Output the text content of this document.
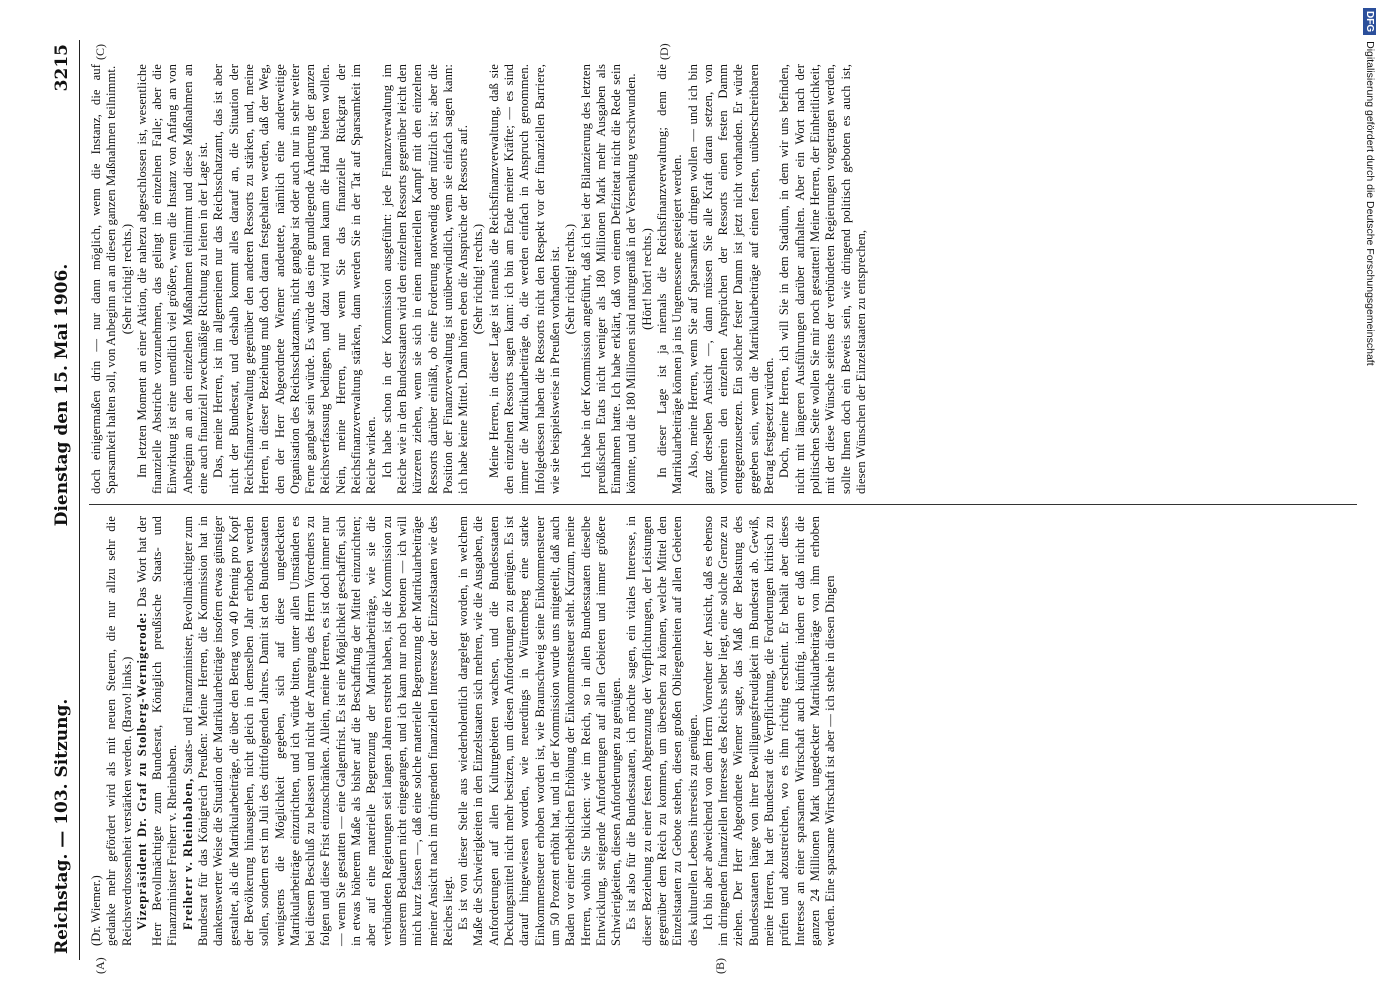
Reichstag. — 103. Sitzung.
Dienstag den 15. Mai 1906.
3215
(A)	(B)
(C)	(D)

(Dr. Wiemer.) gedanke mehr gefördert wird als mit neuen Steuern, die nur allzu sehr die Reichsverdrossenheit verstärken werden. (Bravo! links.) Vizepräsident Dr. Graf zu Stolberg-Wernigerode: Das Wort hat der Herr Bevollmächtigte zum Bundesrat, Königlich preußische Staats- und Finanzminister Freiherr v. Rheinbaben. Freiherr v. Rheinbaben, Staats- und Finanzminister, Bevollmächtigter zum Bundesrat für das Königreich Preußen: Meine Herren, die Kommission hat in dankenswerter Weise die Situation der Matrikularbeiträge insofern etwas günstiger gestaltet, als die Matrikularbeiträge, die über den Betrag von 40 Pfennig pro Kopf der Bevölkerung hinausgehen, nicht gleich in demselben Jahr erhoben werden sollen, sondern erst im Juli des drittfolgenden Jahres. Damit ist den Bundesstaaten wenigstens die Möglichkeit gegeben, sich auf diese ungedeckten Matrikularbeiträge einzurichten, und ich würde bitten, unter allen Umständen es bei diesem Beschluß zu belassen und nicht der Anregung des Herrn Vorredners zu folgen und diese Frist einzuschränken. Allein, meine Herren, es ist doch immer nur — wenn Sie gestatten — eine Galgenfrist. Es ist eine Möglichkeit geschaffen, sich in etwas höherem Maße als bisher auf die Beschaffung der Mittel einzurichten; aber auf eine materielle Begrenzung der Matrikularbeiträge, wie sie die verbündeten Regierungen seit langen Jahren erstrebt haben, ist die Kommission zu unserem Bedauern nicht eingegangen, und ich kann nur noch betonen — ich will mich kurz fassen —, daß eine solche materielle Begrenzung der Matrikularbeiträge meiner Ansicht nach im dringenden finanziellen Interesse der Einzelstaaten wie des Reiches liegt. Es ist von dieser Stelle aus wiederholentlich dargelegt worden, in welchem Maße die Schwierigkeiten in den Einzelstaaten sich mehren, wie die Ausgaben, die Anforderungen auf allen Kulturgebieten wachsen, und die Bundesstaaten Deckungsmittel nicht mehr besitzen, um diesen Anforderungen zu genügen. Es ist darauf hingewiesen worden, wie neuerdings in Württemberg eine starke Einkommensteuer erhoben worden ist, wie Braunschweig seine Einkommensteuer um 50 Prozent erhöht hat, und in der Kommission wurde uns mitgeteilt, daß auch Baden vor einer erheblichen Erhöhung der Einkommensteuer steht. Kurzum, meine Herren, wohin Sie blicken: wie im Reich, so in allen Bundesstaaten dieselbe Entwicklung, steigende Anforderungen auf allen Gebieten und immer größere Schwierigkeiten, diesen Anforderungen zu genügen. Es ist also für die Bundesstaaten, ich möchte sagen, ein vitales Interesse, in dieser Beziehung zu einer festen Abgrenzung der Verpflichtungen, der Leistungen gegenüber dem Reich zu kommen, um übersehen zu können, welche Mittel den Einzelstaaten zu Gebote stehen, diesen großen Obliegenheiten auf allen Gebieten des kulturellen Lebens ihrerseits zu genügen. Ich bin aber abweichend von dem Herrn Vorredner der Ansicht, daß es ebenso im dringenden finanziellen Interesse des Reichs selber liegt, eine solche Grenze zu ziehen. Der Herr Abgeordnete Wiemer sagte, das Maß der Belastung des Bundesstaaten hänge von ihrer Bewilligungsfreudigkeit im Bundesrat ab. Gewiß, meine Herren, hat der Bundesrat die Verpflichtung, die Forderungen kritisch zu prüfen und abzustreichen, wo es ihm richtig erscheint. Er behält aber dieses Interesse an einer sparsamen Wirtschaft auch künftig, indem er daß nicht die ganzen 24 Millionen Mark ungedeckter Matrikularbeiträge von ihm erhoben werden. Eine sparsame Wirtschaft ist aber — ich stehe in diesen Dingen

doch einigermaßen drin — nur dann möglich, wenn die Instanz, die auf Sparsamkeit halten soll, von Anbeginn an an diesen ganzen Maßnahmen teilnimmt. (Sehr richtig! rechts.) Im letzten Moment an einer Aktion, die nahezu abgeschlossen ist, wesentliche finanzielle Abstriche vorzunehmen, das gelingt im einzelnen Falle; aber die Einwirkung ist eine unendlich viel größere, wenn die Instanz von Anfang an von Anbeginn an an den einzelnen Maßnahmen teilnimmt und diese Maßnahmen an eine auch finanziell zweckmäßige Richtung zu leiten in der Lage ist. Das, meine Herren, ist im allgemeinen nur das Reichsschatzamt, das ist aber nicht der Bundesrat, und deshalb kommt alles darauf an, die Situation der Reichsfinanzverwaltung gegenüber den anderen Ressorts zu stärken, und, meine Herren, in dieser Beziehung muß doch daran festgehalten werden, daß der Weg, den der Herr Abgeordnete Wiemer andeutete, nämlich eine anderweitige Organisation des Reichsschatzamts, nicht gangbar ist oder auch nur in sehr weiter Ferne gangbar sein würde. Es würde das eine grundlegende Änderung der ganzen Reichsverfassung bedingen, und dazu wird man kaum die Hand bieten wollen. Nein, meine Herren, nur wenn Sie das finanzielle Rückgrat der Reichsfinanzverwaltung stärken, dann werden Sie in der Tat auf Sparsamkeit im Reiche wirken. Ich habe schon in der Kommission ausgeführt: jede Finanzverwaltung im Reiche wie in den Bundesstaaten wird den einzelnen Ressorts gegenüber leicht den kürzeren ziehen, wenn sie sich in einen materiellen Kampf mit den einzelnen Ressorts darüber einläßt, ob eine Forderung notwendig oder nützlich ist; aber die Position der Finanzverwaltung ist unüberwindlich, wenn sie einfach sagen kann: ich habe keine Mittel. Dann hören eben die Ansprüche der Ressorts auf. (Sehr richtig! rechts.) Meine Herren, in dieser Lage ist niemals die Reichsfinanzverwaltung, daß sie den einzelnen Ressorts sagen kann: ich bin am Ende meiner Kräfte; — es sind immer die Matrikularbeiträge da, die werden einfach in Anspruch genommen. Infolgedessen haben die Ressorts nicht den Respekt vor der finanziellen Barriere, wie sie beispielsweise in Preußen vorhanden ist. (Sehr richtig! rechts.) Ich habe in der Kommission angeführt, daß ich bei der Bilanzierung des letzten preußischen Etats nicht weniger als 180 Millionen Mark mehr Ausgaben als Einnahmen hatte. Ich habe erklärt, daß von einem Defizitetat nicht die Rede sein könnte, und die 180 Millionen sind naturgemäß in der Versenkung verschwunden. (Hört! hört! rechts.) In dieser Lage ist ja niemals die Reichsfinanzverwaltung; denn die Matrikularbeiträge können ja ins Ungemessene gesteigert werden. Also, meine Herren, wenn Sie auf Sparsamkeit dringen wollen — und ich bin ganz derselben Ansicht —, dann müssen Sie alle Kraft daran setzen, von vornherein den einzelnen Ansprüchen der Ressorts einen festen Damm entgegenzusetzen. Ein solcher fester Damm ist jetzt nicht vorhanden. Er würde gegeben sein, wenn die Matrikularbeiträge auf einen festen, unüberschreitbaren Betrag festgesetzt würden. Doch, meine Herren, ich will Sie in dem Stadium, in dem wir uns befinden, nicht mit längeren Ausführungen darüber aufhalten. Aber ein Wort nach der politischen Seite wollen Sie mir noch gestatten! Meine Herren, der Einheitlichkeit, mit der diese Wünsche seitens der verbündeten Regierungen vorgetragen werden, sollte Ihnen doch ein Beweis sein, wie dringend politisch geboten es auch ist, diesen Wünschen der Einzelstaaten zu entsprechen,

DFGDigitalisierung gefördert durch die Deutsche Forschungsgemeinschaft
